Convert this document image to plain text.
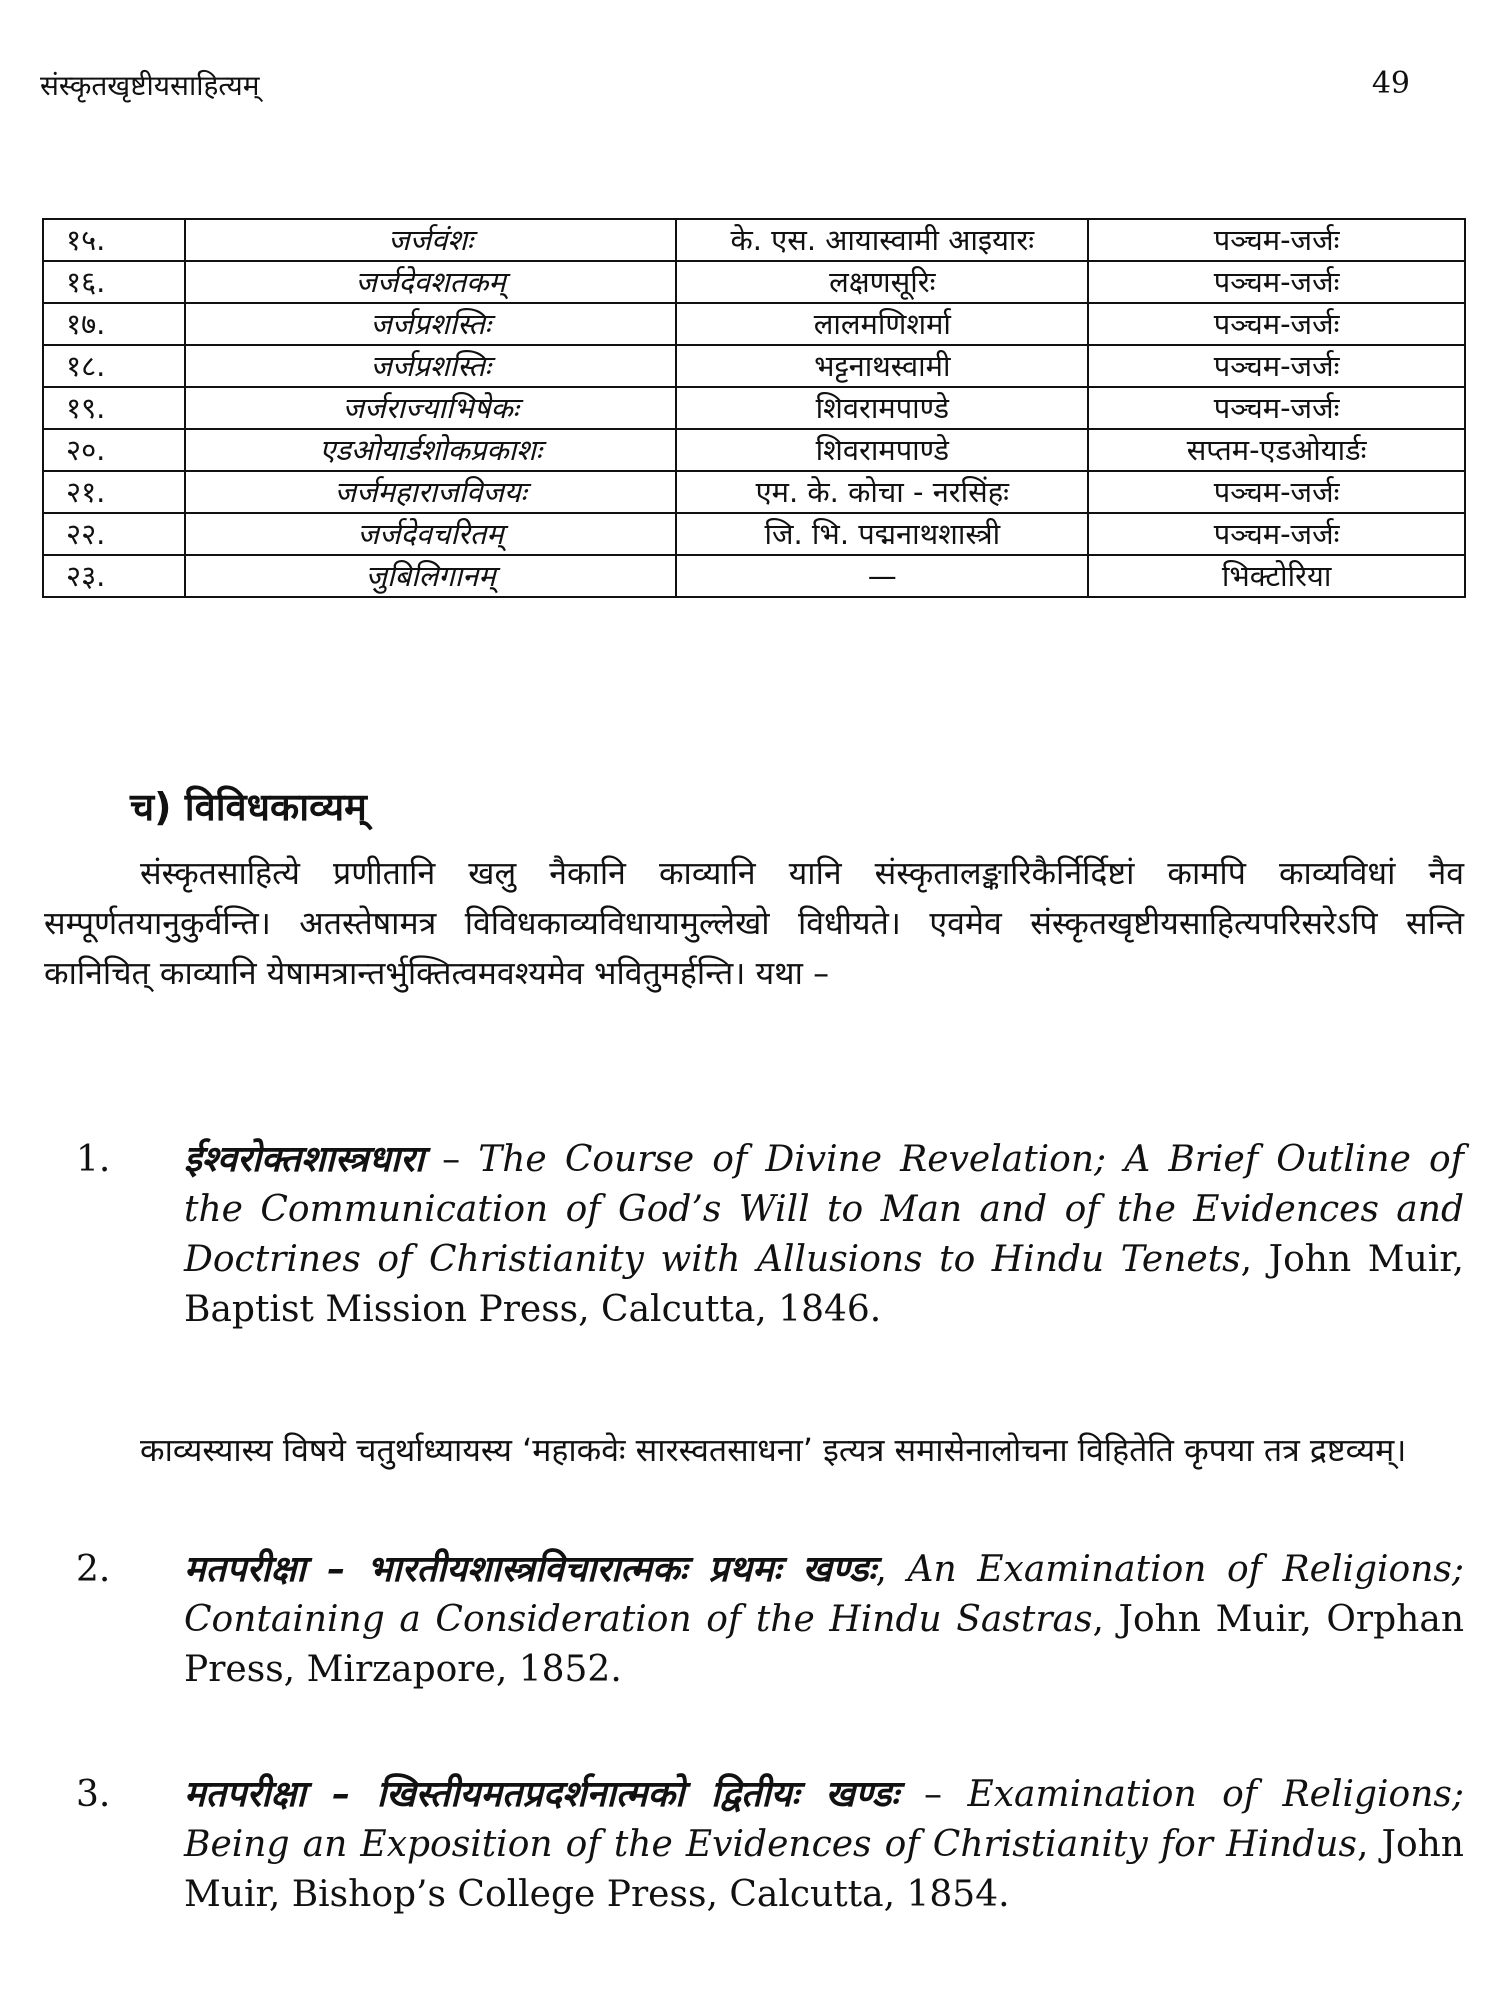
संस्कृतखृष्टीयसाहित्यम्	49
१५.	जर्जवंशः	के. एस. आयास्वामी आइयारः	पञ्चम-जर्जः
१६.	जर्जदेवशतकम्	लक्षणसूरिः	पञ्चम-जर्जः
१७.	जर्जप्रशस्तिः	लालमणिशर्मा	पञ्चम-जर्जः
१८.	जर्जप्रशस्तिः	भट्टनाथस्वामी	पञ्चम-जर्जः
१९.	जर्जराज्याभिषेकः	शिवरामपाण्डे	पञ्चम-जर्जः
२०.	एडओयार्डशोकप्रकाशः	शिवरामपाण्डे	सप्तम-एडओयार्डः
२१.	जर्जमहाराजविजयः	एम. के. कोचा - नरसिंहः	पञ्चम-जर्जः
२२.	जर्जदेवचरितम्	जि. भि. पद्मनाथशास्त्री	पञ्चम-जर्जः
२३.	जुबिलिगानम्	—	भिक्टोरिया
च) विविधकाव्यम्

संस्कृतसाहित्ये प्रणीतानि खलु नैकानि काव्यानि यानि संस्कृतालङ्कारिकैर्निर्दिष्टां कामपि काव्यविधां नैव सम्पूर्णतयानुकुर्वन्ति। अतस्तेषामत्र विविधकाव्यविधायामुल्लेखो विधीयते। एवमेव संस्कृतखृष्टीयसाहित्यपरिसरेऽपि सन्ति कानिचित् काव्यानि येषामत्रान्तर्भुक्तित्वमवश्यमेव भवितुमर्हन्ति। यथा –

1. ईश्वरोक्तशास्त्रधारा – The Course of Divine Revelation; A Brief Outline of the Communication of God’s Will to Man and of the Evidences and Doctrines of Christianity with Allusions to Hindu Tenets, John Muir, Baptist Mission Press, Calcutta, 1846.

काव्यस्यास्य विषये चतुर्थाध्यायस्य ‘महाकवेः सारस्वतसाधना’ इत्यत्र समासेनालोचना विहितेति कृपया तत्र द्रष्टव्यम्।

2. मतपरीक्षा – भारतीयशास्त्रविचारात्मकः प्रथमः खण्डः, An Examination of Religions; Containing a Consideration of the Hindu Sastras, John Muir, Orphan Press, Mirzapore, 1852.
3. मतपरीक्षा – खिस्तीयमतप्रदर्शनात्मको द्वितीयः खण्डः – Examination of Religions; Being an Exposition of the Evidences of Christianity for Hindus, John Muir, Bishop’s College Press, Calcutta, 1854.
